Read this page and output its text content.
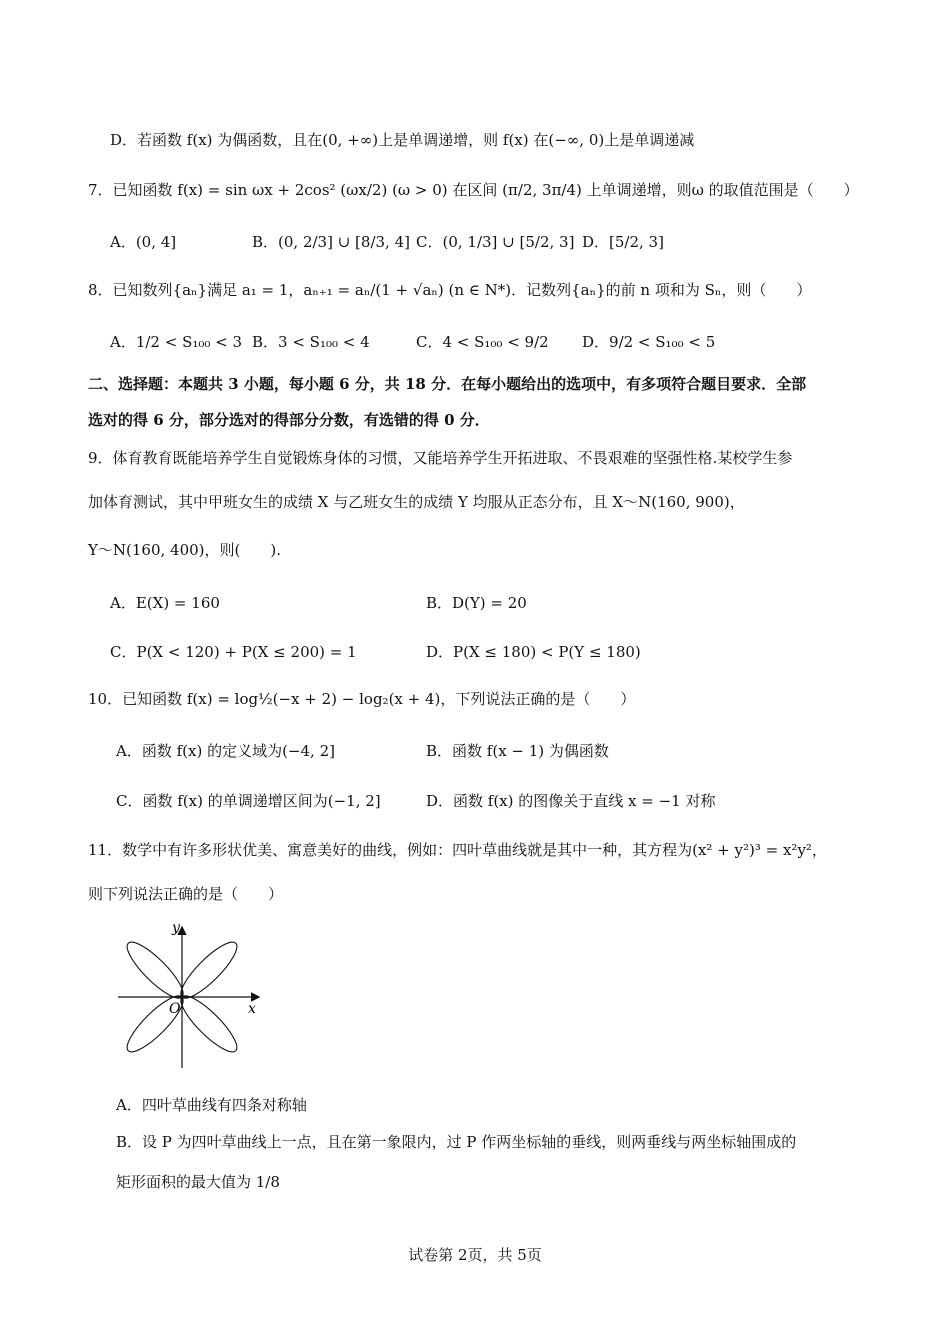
D．若函数 f(x) 为偶函数，且在(0, +∞)上是单调递增，则 f(x) 在(−∞, 0)上是单调递减
7．已知函数 f(x) = sin ωx + 2cos² (ωx/2) (ω > 0) 在区间 (π/2, 3π/4) 上单调递增，则ω 的取值范围是（　　）
A．(0, 4]	B．(0, 2/3] ∪ [8/3, 4] C．(0, 1/3] ∪ [5/2, 3] D．[5/2, 3]
8．已知数列{aₙ}满足 a₁ = 1，aₙ₊₁ = aₙ/(1 + √aₙ) (n ∈ N*)．记数列{aₙ}的前 n 项和为 Sₙ，则（　　）
A．1/2 < S₁₀₀ < 3 B．3 < S₁₀₀ < 4	C．4 < S₁₀₀ < 9/2 D．9/2 < S₁₀₀ < 5
二、选择题：本题共 3 小题，每小题 6 分，共 18 分．在每小题给出的选项中，有多项符合题目要求．全部
选对的得 6 分，部分选对的得部分分数，有选错的得 0 分．
9．体育教育既能培养学生自觉锻炼身体的习惯，又能培养学生开拓进取、不畏艰难的坚强性格.某校学生参
加体育测试，其中甲班女生的成绩 X 与乙班女生的成绩 Y 均服从正态分布，且 X～N(160, 900)，
Y～N(160, 400)，则(　　).
A．E(X) = 160	B．D(Y) = 20
C．P(X < 120) + P(X ≤ 200) = 1	D．P(X ≤ 180) < P(Y ≤ 180)
10．已知函数 f(x) = log½(−x + 2) − log₂(x + 4)，下列说法正确的是（　　）
A．函数 f(x) 的定义域为(−4, 2]	B．函数 f(x − 1) 为偶函数
C．函数 f(x) 的单调递增区间为(−1, 2]	D．函数 f(x) 的图像关于直线 x = −1 对称
11．数学中有许多形状优美、寓意美好的曲线，例如：四叶草曲线就是其中一种，其方程为(x² + y²)³ = x²y²，
则下列说法正确的是（　　）
y
x
O
A．四叶草曲线有四条对称轴
B．设 P 为四叶草曲线上一点，且在第一象限内，过 P 作两坐标轴的垂线，则两垂线与两坐标轴围成的
矩形面积的最大值为 1/8
试卷第 2页，共 5页
